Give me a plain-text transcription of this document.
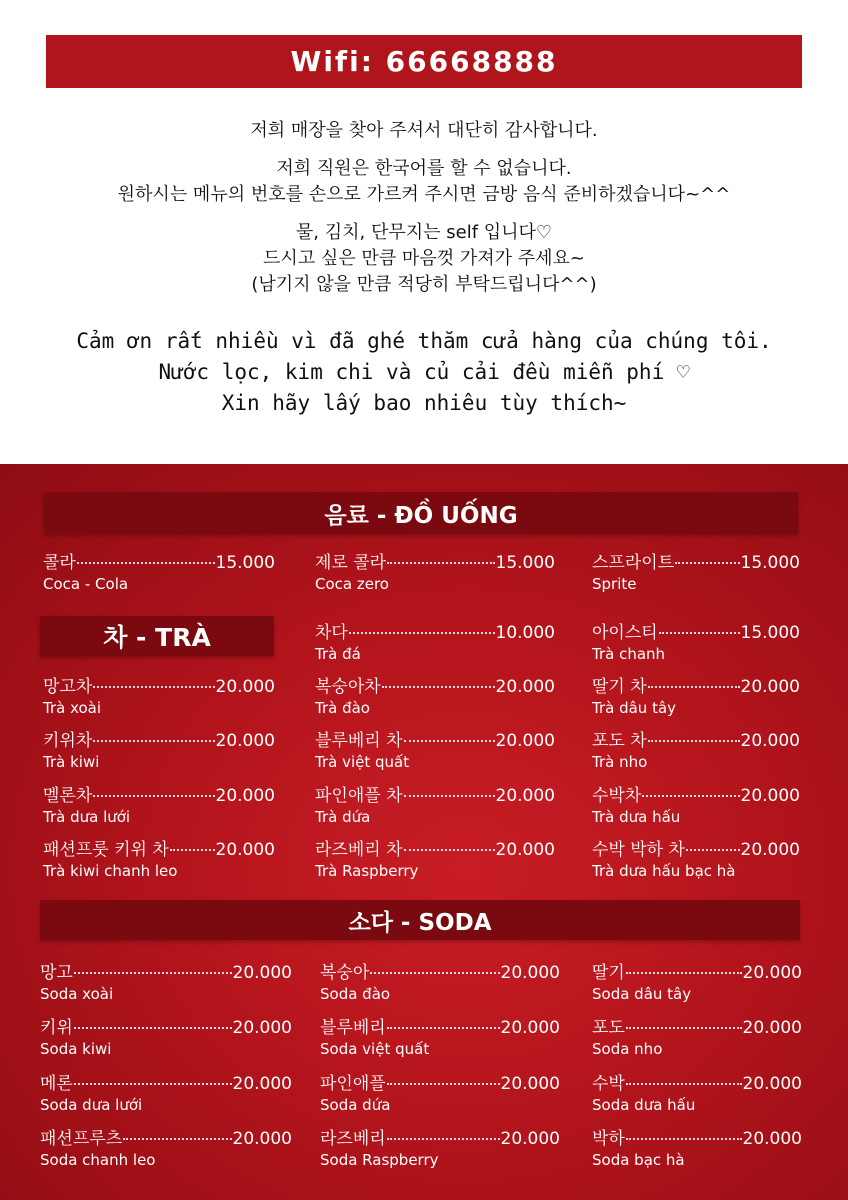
Wifi: 66668888

저희 매장을 찾아 주셔서 대단히 감사합니다.

저희 직원은 한국어를 할 수 없습니다.

원하시는 메뉴의 번호를 손으로 가르켜 주시면 금방 음식 준비하겠습니다~^^

물, 김치, 단무지는 self 입니다♡

드시고 싶은 만큼 마음껏 가져가 주세요~

(남기지 않을 만큼 적당히 부탁드립니다^^)

Cảm ơn rất nhiều vì đã ghé thăm cửa hàng của chúng tôi.

Nước lọc, kim chi và củ cải đều miễn phí ♡

Xin hãy lấy bao nhiêu tùy thích~

음료 - ĐỒ UỐNG
차 - TRÀ
소다 - SODA
콜라	15.000
Coca - Cola
제로 콜라	15.000
Coca zero
스프라이트	15.000
Sprite
차다	10.000
Trà đá
아이스티	15.000
Trà chanh
망고차	20.000
Trà xoài
복숭아차	20.000
Trà đào
딸기 차	20.000
Trà dâu tây
키위차	20.000
Trà kiwi
블루베리 차	20.000
Trà việt quất
포도 차	20.000
Trà nho
멜론차	20.000
Trà dưa lưới
파인애플 차	20.000
Trà dứa
수박차	20.000
Trà dưa hấu
패션프룻 키위 차	20.000
Trà kiwi chanh leo
라즈베리 차	20.000
Trà Raspberry
수박 박하 차	20.000
Trà dưa hấu bạc hà
망고	20.000
Soda xoài
복숭아	20.000
Soda đào
딸기	20.000
Soda dâu tây
키위	20.000
Soda kiwi
블루베리	20.000
Soda việt quất
포도	20.000
Soda nho
메론	20.000
Soda dưa lưới
파인애플	20.000
Soda dứa
수박	20.000
Soda dưa hấu
패션프루츠	20.000
Soda chanh leo
라즈베리	20.000
Soda Raspberry
박하	20.000
Soda bạc hà
